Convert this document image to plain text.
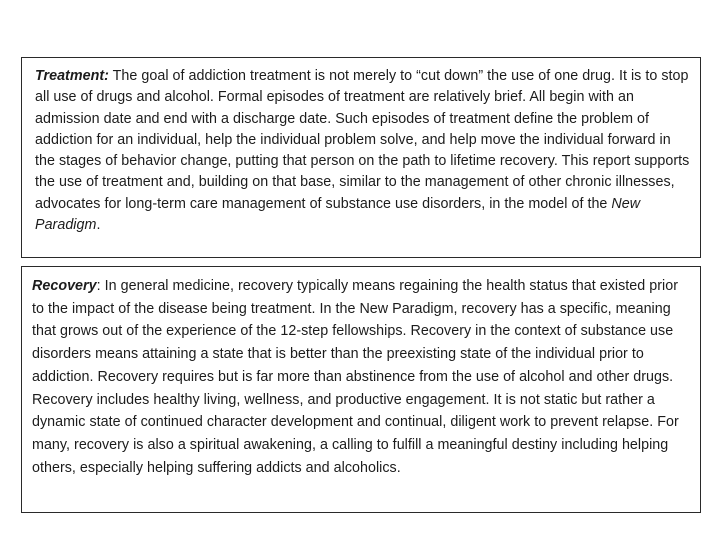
Treatment: The goal of addiction treatment is not merely to “cut down” the use of one drug. It is to stop all use of drugs and alcohol. Formal episodes of treatment are relatively brief. All begin with an admission date and end with a discharge date. Such episodes of treatment define the problem of addiction for an individual, help the individual problem solve, and help move the individual forward in the stages of behavior change, putting that person on the path to lifetime recovery. This report supports the use of treatment and, building on that base, similar to the management of other chronic illnesses, advocates for long-term care management of substance use disorders, in the model of the New Paradigm.

Recovery: In general medicine, recovery typically means regaining the health status that existed prior to the impact of the disease being treatment. In the New Paradigm, recovery has a specific, meaning that grows out of the experience of the 12-step fellowships. Recovery in the context of substance use disorders means attaining a state that is better than the preexisting state of the individual prior to addiction. Recovery requires but is far more than abstinence from the use of alcohol and other drugs. Recovery includes healthy living, wellness, and productive engagement. It is not static but rather a dynamic state of continued character development and continual, diligent work to prevent relapse. For many, recovery is also a spiritual awakening, a calling to fulfill a meaningful destiny including helping others, especially helping suffering addicts and alcoholics.
